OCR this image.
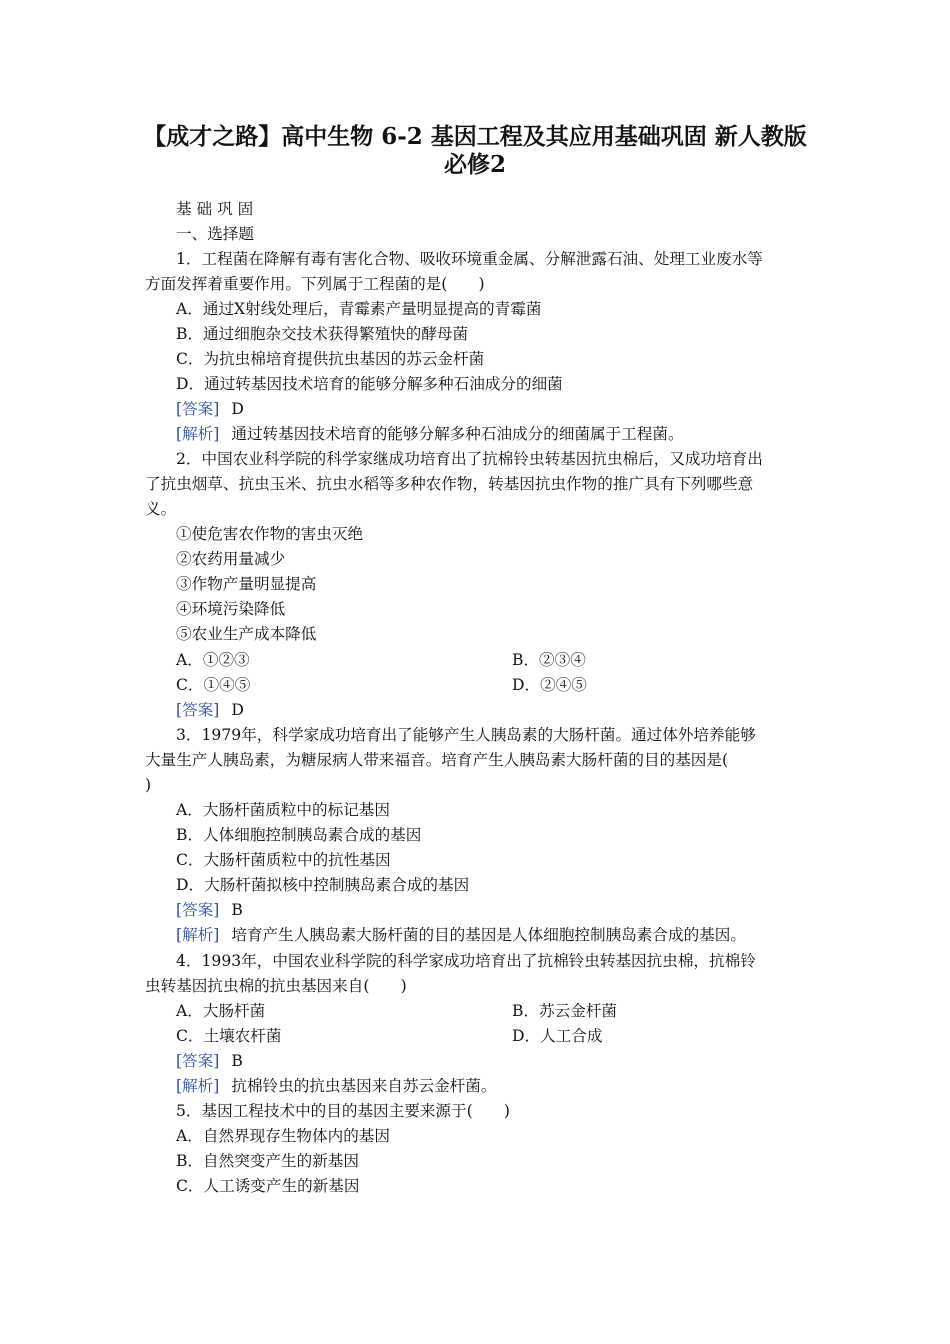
【成才之路】高中生物 6-2 基因工程及其应用基础巩固 新人教版
必修2
基 础 巩 固
一、选择题
1．工程菌在降解有毒有害化合物、吸收环境重金属、分解泄露石油、处理工业废水等
方面发挥着重要作用。下列属于工程菌的是(　　)
A．通过X射线处理后，青霉素产量明显提高的青霉菌
B．通过细胞杂交技术获得繁殖快的酵母菌
C．为抗虫棉培育提供抗虫基因的苏云金杆菌
D．通过转基因技术培育的能够分解多种石油成分的细菌
[答案] D
[解析] 通过转基因技术培育的能够分解多种石油成分的细菌属于工程菌。
2．中国农业科学院的科学家继成功培育出了抗棉铃虫转基因抗虫棉后，又成功培育出
了抗虫烟草、抗虫玉米、抗虫水稻等多种农作物，转基因抗虫作物的推广具有下列哪些意
义。
①使危害农作物的害虫灭绝
②农药用量减少
③作物产量明显提高
④环境污染降低
⑤农业生产成本降低
A．①②③	B．②③④
C．①④⑤	D．②④⑤
[答案] D
3．1979年，科学家成功培育出了能够产生人胰岛素的大肠杆菌。通过体外培养能够
大量生产人胰岛素，为糖尿病人带来福音。培育产生人胰岛素大肠杆菌的目的基因是(
)
A．大肠杆菌质粒中的标记基因
B．人体细胞控制胰岛素合成的基因
C．大肠杆菌质粒中的抗性基因
D．大肠杆菌拟核中控制胰岛素合成的基因
[答案] B
[解析] 培育产生人胰岛素大肠杆菌的目的基因是人体细胞控制胰岛素合成的基因。
4．1993年，中国农业科学院的科学家成功培育出了抗棉铃虫转基因抗虫棉，抗棉铃
虫转基因抗虫棉的抗虫基因来自(　　)
A．大肠杆菌	B．苏云金杆菌
C．土壤农杆菌	D．人工合成
[答案] B
[解析] 抗棉铃虫的抗虫基因来自苏云金杆菌。
5．基因工程技术中的目的基因主要来源于(　　)
A．自然界现存生物体内的基因
B．自然突变产生的新基因
C．人工诱变产生的新基因
